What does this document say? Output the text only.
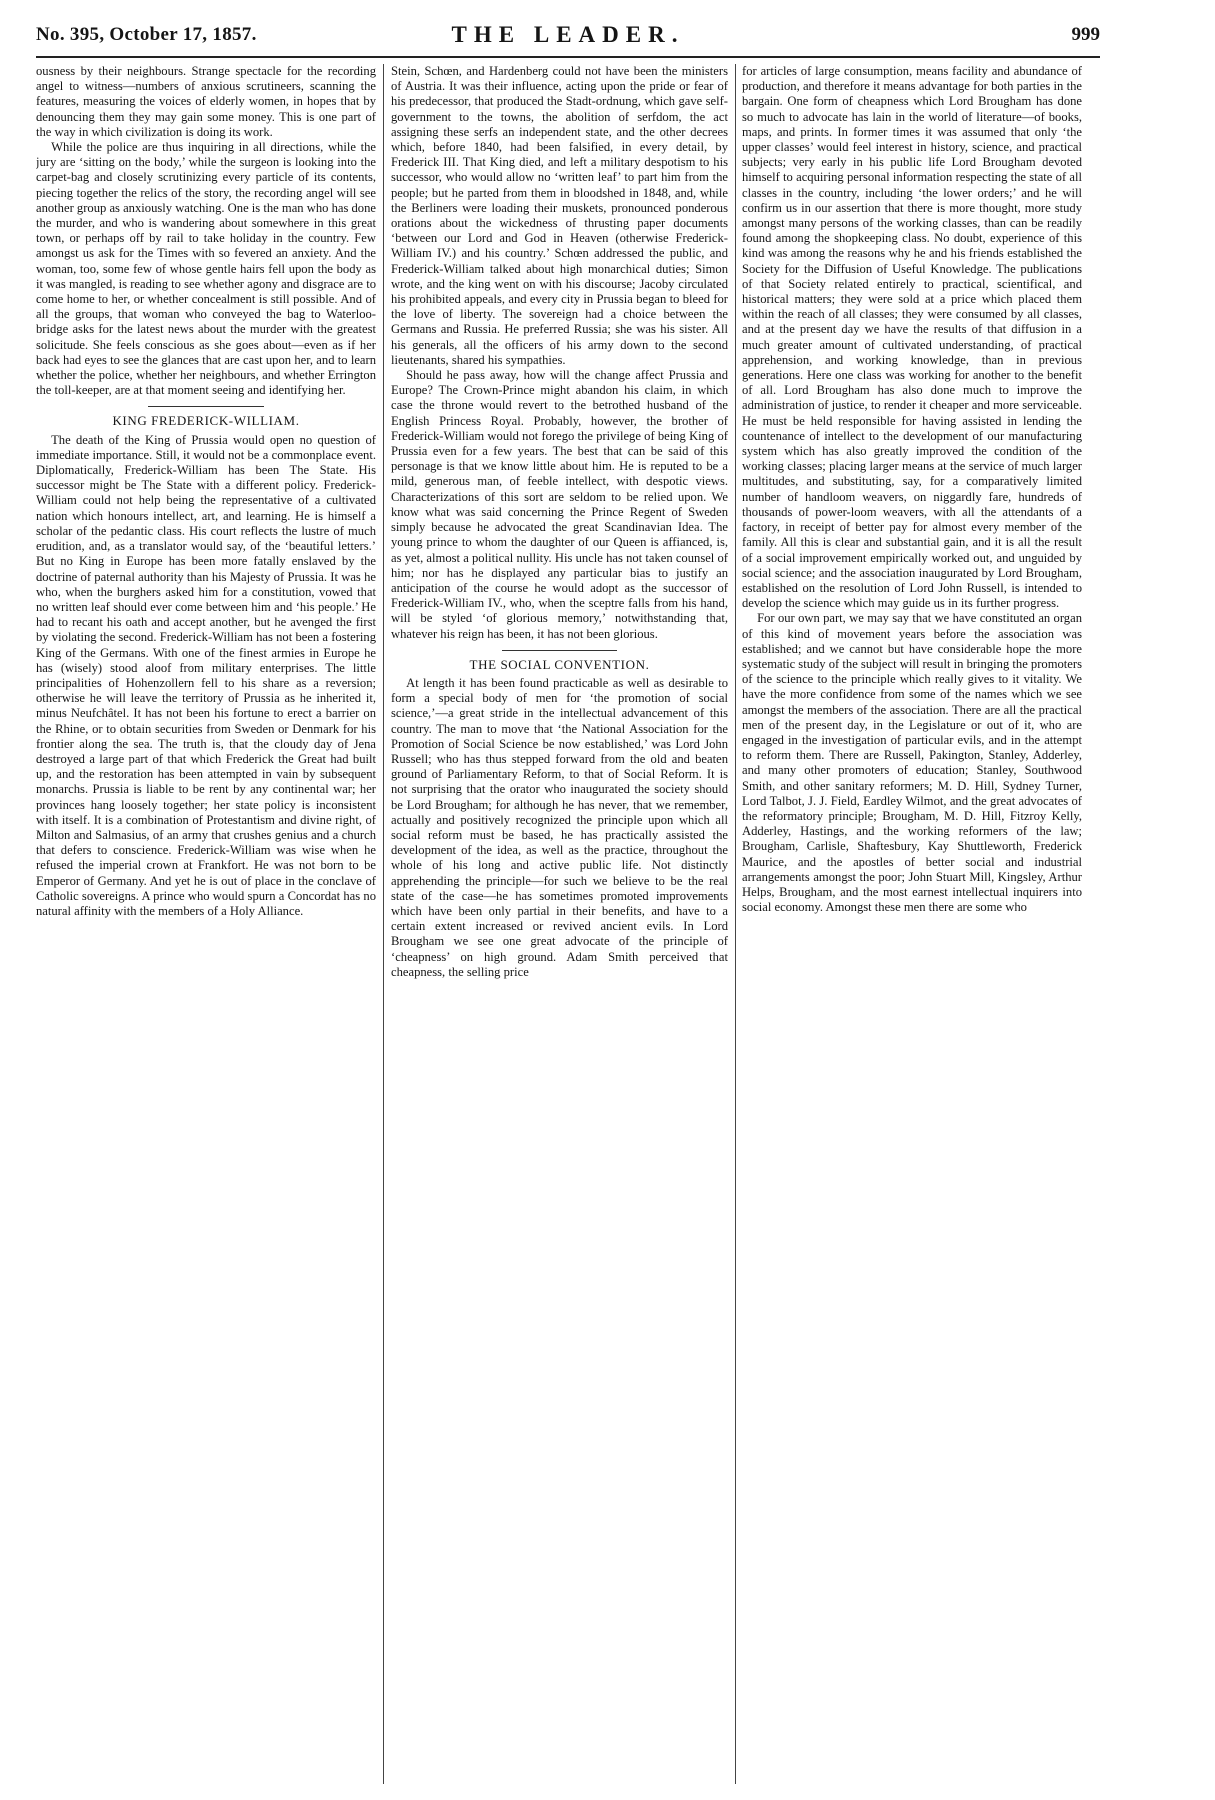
No. 395, October 17, 1857.	THE LEADER.	999

ousness by their neighbours. Strange spectacle for the recording angel to witness—numbers of anxious scrutineers, scanning the features, measuring the voices of elderly women, in hopes that by denouncing them they may gain some money. This is one part of the way in which civilization is doing its work.

While the police are thus inquiring in all directions, while the jury are ‘sitting on the body,’ while the surgeon is looking into the carpet-bag and closely scrutinizing every particle of its contents, piecing together the relics of the story, the recording angel will see another group as anxiously watching. One is the man who has done the murder, and who is wandering about somewhere in this great town, or perhaps off by rail to take holiday in the country. Few amongst us ask for the Times with so fevered an anxiety. And the woman, too, some few of whose gentle hairs fell upon the body as it was mangled, is reading to see whether agony and disgrace are to come home to her, or whether concealment is still possible. And of all the groups, that woman who conveyed the bag to Waterloo-bridge asks for the latest news about the murder with the greatest solicitude. She feels conscious as she goes about—even as if her back had eyes to see the glances that are cast upon her, and to learn whether the police, whether her neighbours, and whether Errington the toll-keeper, are at that moment seeing and identifying her.

KING FREDERICK-WILLIAM.

The death of the King of Prussia would open no question of immediate importance. Still, it would not be a commonplace event. Diplomatically, Frederick-William has been The State. His successor might be The State with a different policy. Frederick-William could not help being the representative of a cultivated nation which honours intellect, art, and learning. He is himself a scholar of the pedantic class. His court reflects the lustre of much erudition, and, as a translator would say, of the ‘beautiful letters.’ But no King in Europe has been more fatally enslaved by the doctrine of paternal authority than his Majesty of Prussia. It was he who, when the burghers asked him for a constitution, vowed that no written leaf should ever come between him and ‘his people.’ He had to recant his oath and accept another, but he avenged the first by violating the second. Frederick-William has not been a fostering King of the Germans. With one of the finest armies in Europe he has (wisely) stood aloof from military enterprises. The little principalities of Hohenzollern fell to his share as a reversion; otherwise he will leave the territory of Prussia as he inherited it, minus Neufchâtel. It has not been his fortune to erect a barrier on the Rhine, or to obtain securities from Sweden or Denmark for his frontier along the sea. The truth is, that the cloudy day of Jena destroyed a large part of that which Frederick the Great had built up, and the restoration has been attempted in vain by subsequent monarchs. Prussia is liable to be rent by any continental war; her provinces hang loosely together; her state policy is inconsistent with itself. It is a combination of Protestantism and divine right, of Milton and Salmasius, of an army that crushes genius and a church that defers to conscience. Frederick-William was wise when he refused the imperial crown at Frankfort. He was not born to be Emperor of Germany. And yet he is out of place in the conclave of Catholic sovereigns. A prince who would spurn a Concordat has no natural affinity with the members of a Holy Alliance.

Stein, Schœn, and Hardenberg could not have been the ministers of Austria. It was their influence, acting upon the pride or fear of his predecessor, that produced the Stadt-ordnung, which gave self-government to the towns, the abolition of serfdom, the act assigning these serfs an independent state, and the other decrees which, before 1840, had been falsified, in every detail, by Frederick III. That King died, and left a military despotism to his successor, who would allow no ‘written leaf’ to part him from the people; but he parted from them in bloodshed in 1848, and, while the Berliners were loading their muskets, pronounced ponderous orations about the wickedness of thrusting paper documents ‘between our Lord and God in Heaven (otherwise Frederick-William IV.) and his country.’ Schœn addressed the public, and Frederick-William talked about high monarchical duties; Simon wrote, and the king went on with his discourse; Jacoby circulated his prohibited appeals, and every city in Prussia began to bleed for the love of liberty. The sovereign had a choice between the Germans and Russia. He preferred Russia; she was his sister. All his generals, all the officers of his army down to the second lieutenants, shared his sympathies.

Should he pass away, how will the change affect Prussia and Europe? The Crown-Prince might abandon his claim, in which case the throne would revert to the betrothed husband of the English Princess Royal. Probably, however, the brother of Frederick-William would not forego the privilege of being King of Prussia even for a few years. The best that can be said of this personage is that we know little about him. He is reputed to be a mild, generous man, of feeble intellect, with despotic views. Characterizations of this sort are seldom to be relied upon. We know what was said concerning the Prince Regent of Sweden simply because he advocated the great Scandinavian Idea. The young prince to whom the daughter of our Queen is affianced, is, as yet, almost a political nullity. His uncle has not taken counsel of him; nor has he displayed any particular bias to justify an anticipation of the course he would adopt as the successor of Frederick-William IV., who, when the sceptre falls from his hand, will be styled ‘of glorious memory,’ notwithstanding that, whatever his reign has been, it has not been glorious.

THE SOCIAL CONVENTION.

At length it has been found practicable as well as desirable to form a special body of men for ‘the promotion of social science,’—a great stride in the intellectual advancement of this country. The man to move that ‘the National Association for the Promotion of Social Science be now established,’ was Lord John Russell; who has thus stepped forward from the old and beaten ground of Parliamentary Reform, to that of Social Reform. It is not surprising that the orator who inaugurated the society should be Lord Brougham; for although he has never, that we remember, actually and positively recognized the principle upon which all social reform must be based, he has practically assisted the development of the idea, as well as the practice, throughout the whole of his long and active public life. Not distinctly apprehending the principle—for such we believe to be the real state of the case—he has sometimes promoted improvements which have been only partial in their benefits, and have to a certain extent increased or revived ancient evils. In Lord Brougham we see one great advocate of the principle of ‘cheapness’ on high ground. Adam Smith perceived that cheapness, the selling price

for articles of large consumption, means facility and abundance of production, and therefore it means advantage for both parties in the bargain. One form of cheapness which Lord Brougham has done so much to advocate has lain in the world of literature—of books, maps, and prints. In former times it was assumed that only ‘the upper classes’ would feel interest in history, science, and practical subjects; very early in his public life Lord Brougham devoted himself to acquiring personal information respecting the state of all classes in the country, including ‘the lower orders;’ and he will confirm us in our assertion that there is more thought, more study amongst many persons of the working classes, than can be readily found among the shopkeeping class. No doubt, experience of this kind was among the reasons why he and his friends established the Society for the Diffusion of Useful Knowledge. The publications of that Society related entirely to practical, scientifical, and historical matters; they were sold at a price which placed them within the reach of all classes; they were consumed by all classes, and at the present day we have the results of that diffusion in a much greater amount of cultivated understanding, of practical apprehension, and working knowledge, than in previous generations. Here one class was working for another to the benefit of all. Lord Brougham has also done much to improve the administration of justice, to render it cheaper and more serviceable. He must be held responsible for having assisted in lending the countenance of intellect to the development of our manufacturing system which has also greatly improved the condition of the working classes; placing larger means at the service of much larger multitudes, and substituting, say, for a comparatively limited number of handloom weavers, on niggardly fare, hundreds of thousands of power-loom weavers, with all the attendants of a factory, in receipt of better pay for almost every member of the family. All this is clear and substantial gain, and it is all the result of a social improvement empirically worked out, and unguided by social science; and the association inaugurated by Lord Brougham, established on the resolution of Lord John Russell, is intended to develop the science which may guide us in its further progress.

For our own part, we may say that we have constituted an organ of this kind of movement years before the association was established; and we cannot but have considerable hope the more systematic study of the subject will result in bringing the promoters of the science to the principle which really gives to it vitality. We have the more confidence from some of the names which we see amongst the members of the association. There are all the practical men of the present day, in the Legislature or out of it, who are engaged in the investigation of particular evils, and in the attempt to reform them. There are Russell, Pakington, Stanley, Adderley, and many other promoters of education; Stanley, Southwood Smith, and other sanitary reformers; M. D. Hill, Sydney Turner, Lord Talbot, J. J. Field, Eardley Wilmot, and the great advocates of the reformatory principle; Brougham, M. D. Hill, Fitzroy Kelly, Adderley, Hastings, and the working reformers of the law; Brougham, Carlisle, Shaftesbury, Kay Shuttleworth, Frederick Maurice, and the apostles of better social and industrial arrangements amongst the poor; John Stuart Mill, Kingsley, Arthur Helps, Brougham, and the most earnest intellectual inquirers into social economy. Amongst these men there are some who
